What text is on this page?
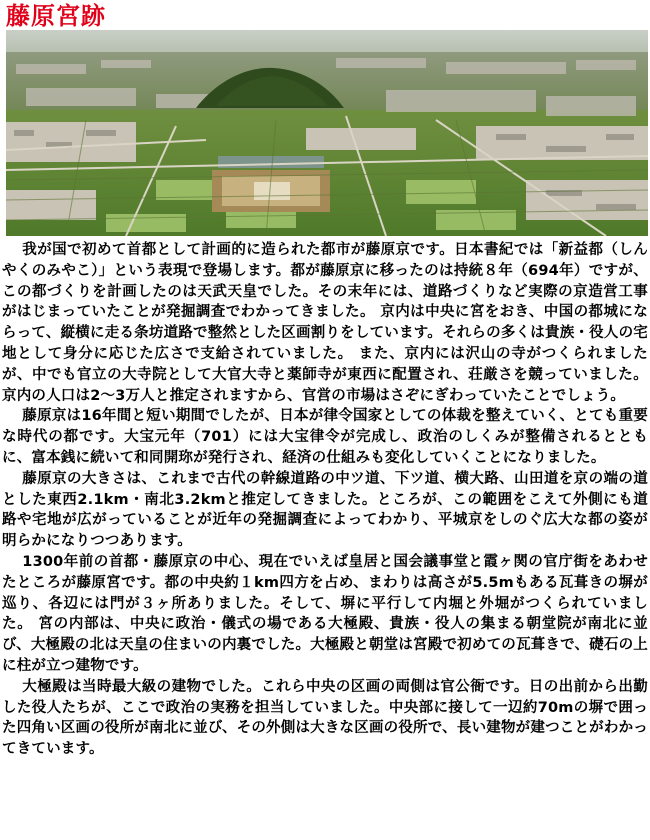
藤原宮跡

我が国で初めて首都として計画的に造られた都市が藤原京です。日本書紀では「新益都（しんやくのみやこ）」という表現で登場します。都が藤原京に移ったのは持統８年（694年）ですが、この都づくりを計画したのは天武天皇でした。その末年には、道路づくりなど実際の京造営工事がはじまっていたことが発掘調査でわかってきました。 京内は中央に宮をおき、中国の都城にならって、縦横に走る条坊道路で整然とした区画割りをしています。それらの多くは貴族・役人の宅地として身分に応じた広さで支給されていました。 また、京内には沢山の寺がつくられましたが、中でも官立の大寺院として大官大寺と薬師寺が東西に配置され、荘厳さを競っていました。京内の人口は2～3万人と推定されますから、官営の市場はさぞにぎわっていたことでしょう。

藤原京は16年間と短い期間でしたが、日本が律令国家としての体裁を整えていく、とても重要な時代の都です。大宝元年（701）には大宝律令が完成し、政治のしくみが整備されるとともに、富本銭に続いて和同開珎が発行され、経済の仕組みも変化していくことになりました。

藤原京の大きさは、これまで古代の幹線道路の中ツ道、下ツ道、横大路、山田道を京の端の道とした東西2.1km・南北3.2kmと推定してきました。ところが、この範囲をこえて外側にも道路や宅地が広がっていることが近年の発掘調査によってわかり、平城京をしのぐ広大な都の姿が明らかになりつつあります。

1300年前の首都・藤原京の中心、現在でいえば皇居と国会議事堂と霞ヶ関の官庁街をあわせたところが藤原宮です。都の中央約１km四方を占め、まわりは高さが5.5mもある瓦葺きの塀が巡り、各辺には門が３ヶ所ありました。そして、塀に平行して内堀と外堀がつくられていました。 宮の内部は、中央に政治・儀式の場である大極殿、貴族・役人の集まる朝堂院が南北に並び、大極殿の北は天皇の住まいの内裏でした。大極殿と朝堂は宮殿で初めての瓦葺きで、礎石の上に柱が立つ建物です。

大極殿は当時最大級の建物でした。これら中央の区画の両側は官公衙です。日の出前から出勤した役人たちが、ここで政治の実務を担当していました。中央部に接して一辺約70mの塀で囲った四角い区画の役所が南北に並び、その外側は大きな区画の役所で、長い建物が建つことがわかってきています。
